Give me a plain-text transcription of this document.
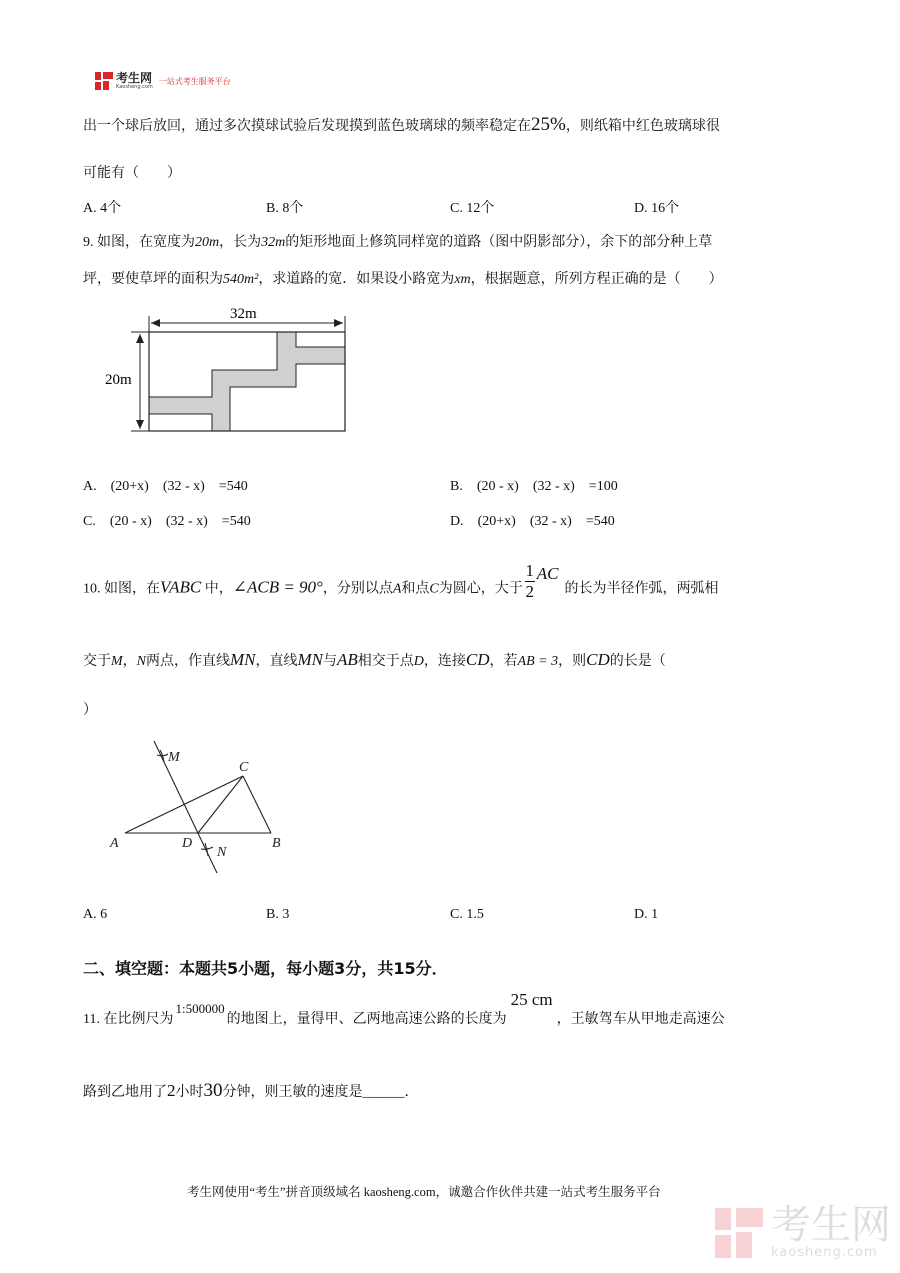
考生网
Kaosheng.com
一站式考生服务平台
出一个球后放回，通过多次摸球试验后发现摸到蓝色玻璃球的频率稳定在25%，则纸箱中红色玻璃球很
可能有（　　）
A. 4个	B. 8个	C. 12个	D. 16个
9. 如图，在宽度为20m，长为32m的矩形地面上修筑同样宽的道路（图中阴影部分），余下的部分种上草
坪，要使草坪的面积为540m²，求道路的宽．如果设小路宽为xm，根据题意，所列方程正确的是（　　）
32m
20m
M
C
A	D	B
N
A.　(20+x)　(32 - x)　=540	B.　(20 - x)　(32 - x)　=100
C.　(20 - x)　(32 - x)　=540	D.　(20+x)　(32 - x)　=540
10. 如图，在VABC 中，∠ACB = 90°，分别以点A和点C为圆心，大于 $\frac{1}{2}$ AC的长为半径作弧，两弧相
交于M，N两点，作直线MN，直线MN与AB相交于点D，连接CD，若AB = 3，则CD的长是（
）
A. 6	B. 3	C. 1.5	D. 1
二、填空题：本题共5小题，每小题3分，共15分．
11. 在比例尺为1:500000的地图上，量得甲、乙两地高速公路的长度为25 cm，王敏驾车从甲地走高速公
路到乙地用了2小时30分钟，则王敏的速度是______．
考生网使用“考生”拼音顶级域名 kaosheng.com，诚邀合作伙伴共建一站式考生服务平台
考生网
kaosheng.com
